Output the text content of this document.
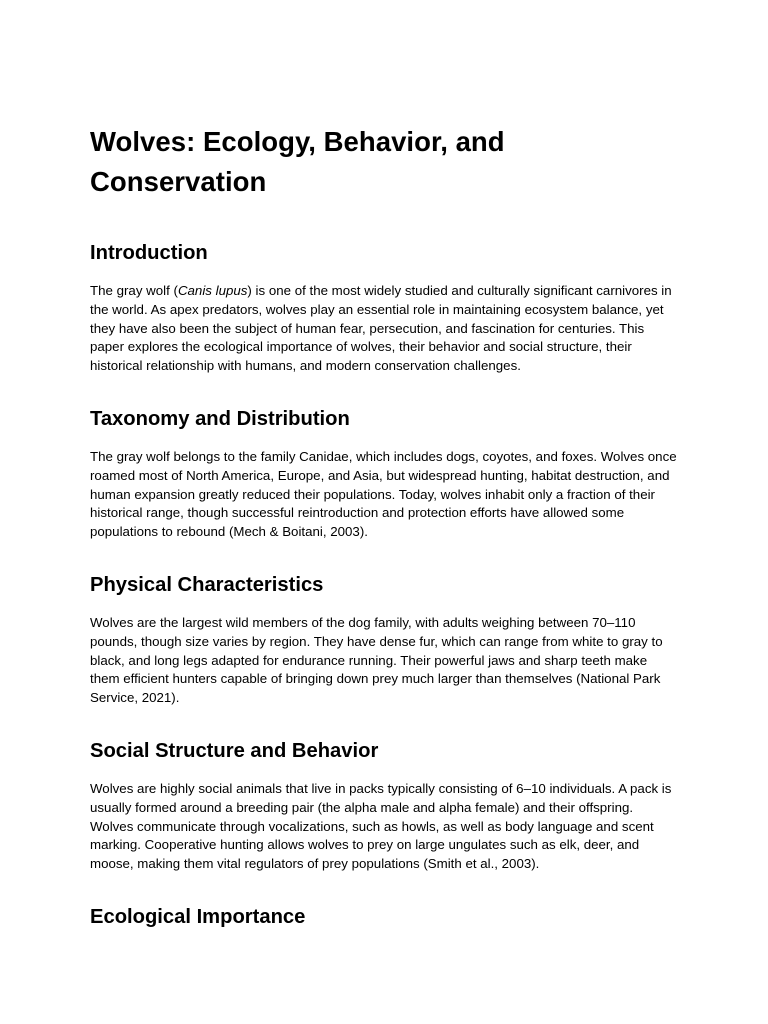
Wolves: Ecology, Behavior, and Conservation
Introduction

The gray wolf (Canis lupus) is one of the most widely studied and culturally significant carnivores in the world. As apex predators, wolves play an essential role in maintaining ecosystem balance, yet they have also been the subject of human fear, persecution, and fascination for centuries. This paper explores the ecological importance of wolves, their behavior and social structure, their historical relationship with humans, and modern conservation challenges.

Taxonomy and Distribution

The gray wolf belongs to the family Canidae, which includes dogs, coyotes, and foxes. Wolves once roamed most of North America, Europe, and Asia, but widespread hunting, habitat destruction, and human expansion greatly reduced their populations. Today, wolves inhabit only a fraction of their historical range, though successful reintroduction and protection efforts have allowed some populations to rebound (Mech & Boitani, 2003).

Physical Characteristics

Wolves are the largest wild members of the dog family, with adults weighing between 70–110 pounds, though size varies by region. They have dense fur, which can range from white to gray to black, and long legs adapted for endurance running. Their powerful jaws and sharp teeth make them efficient hunters capable of bringing down prey much larger than themselves (National Park Service, 2021).

Social Structure and Behavior

Wolves are highly social animals that live in packs typically consisting of 6–10 individuals. A pack is usually formed around a breeding pair (the alpha male and alpha female) and their offspring. Wolves communicate through vocalizations, such as howls, as well as body language and scent marking. Cooperative hunting allows wolves to prey on large ungulates such as elk, deer, and moose, making them vital regulators of prey populations (Smith et al., 2003).

Ecological Importance
